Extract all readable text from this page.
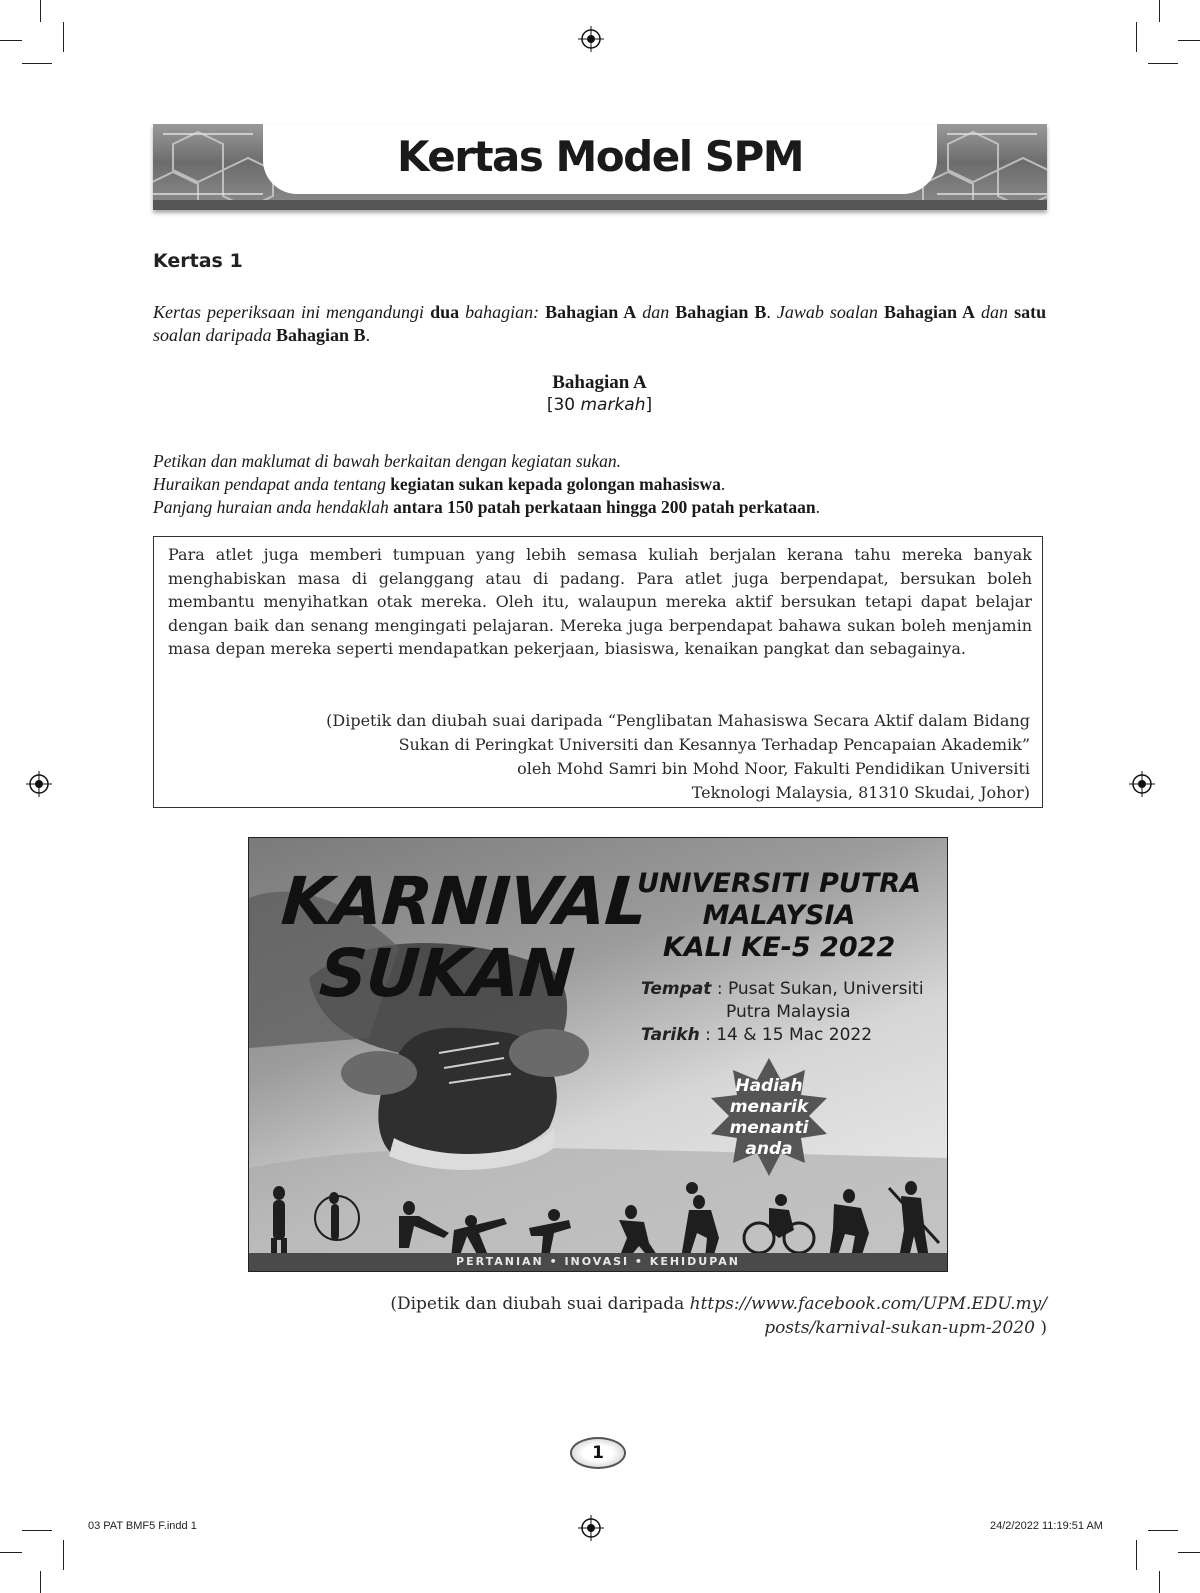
Kertas Model SPM
Kertas 1
Kertas peperiksaan ini mengandungi dua bahagian: Bahagian A dan Bahagian B. Jawab soalan Bahagian A dan satu soalan daripada Bahagian B.
Bahagian A
[30 markah]
Petikan dan maklumat di bawah berkaitan dengan kegiatan sukan.
Huraikan pendapat anda tentang kegiatan sukan kepada golongan mahasiswa.
Panjang huraian anda hendaklah antara 150 patah perkataan hingga 200 patah perkataan.
Para atlet juga memberi tumpuan yang lebih semasa kuliah berjalan kerana tahu mereka banyak menghabiskan masa di gelanggang atau di padang. Para atlet juga berpendapat, bersukan boleh membantu menyihatkan otak mereka. Oleh itu, walaupun mereka aktif bersukan tetapi dapat belajar dengan baik dan senang mengingati pelajaran. Mereka juga berpendapat bahawa sukan boleh menjamin masa depan mereka seperti mendapatkan pekerjaan, biasiswa, kenaikan pangkat dan sebagainya.
(Dipetik dan diubah suai daripada “Penglibatan Mahasiswa Secara Aktif dalam Bidang
Sukan di Peringkat Universiti dan Kesannya Terhadap Pencapaian Akademik”
oleh Mohd Samri bin Mohd Noor, Fakulti Pendidikan Universiti
Teknologi Malaysia, 81310 Skudai, Johor)
KARNIVAL
SUKAN
UNIVERSITI PUTRA
MALAYSIA
KALI KE-5 2022
Tempat : Pusat Sukan, Universiti
Putra Malaysia
Tarikh : 14 & 15 Mac 2022
Hadiah
menarik
menanti anda
PERTANIAN • INOVASI • KEHIDUPAN
(Dipetik dan diubah suai daripada https://www.facebook.com/UPM.EDU.my/
posts/karnival-sukan-upm-2020 )
1
03 PAT BMF5 F.indd 1	24/2/2022 11:19:51 AM
